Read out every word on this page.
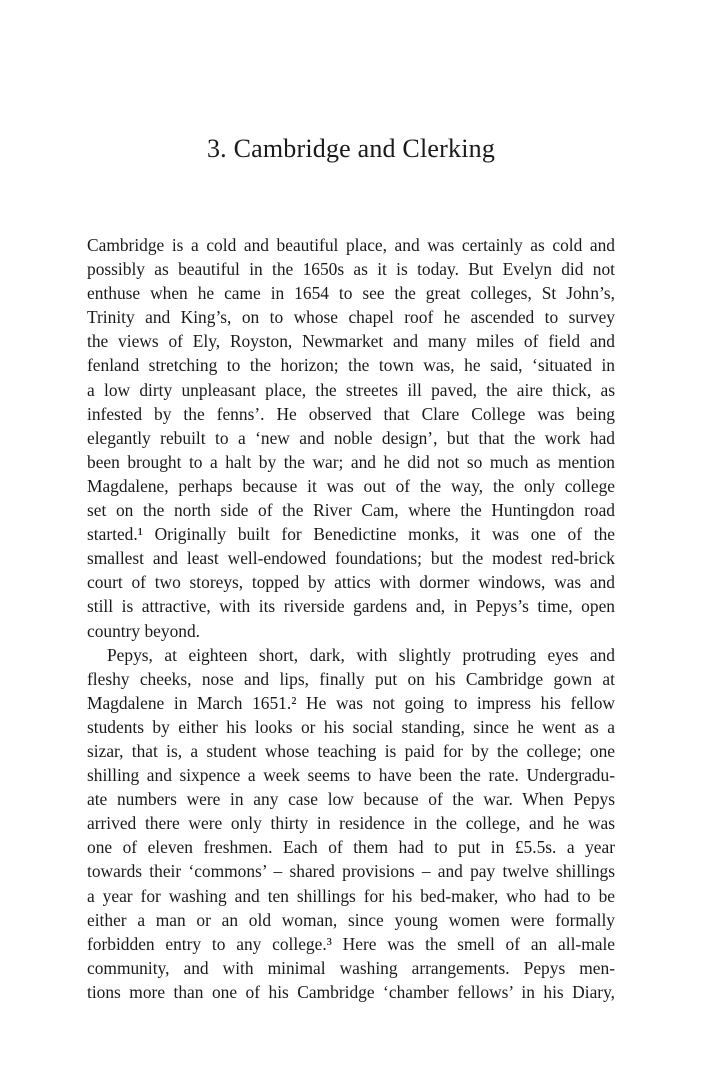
3. Cambridge and Clerking
Cambridge is a cold and beautiful place, and was certainly as cold and
possibly as beautiful in the 1650s as it is today. But Evelyn did not
enthuse when he came in 1654 to see the great colleges, St John’s,
Trinity and King’s, on to whose chapel roof he ascended to survey
the views of Ely, Royston, Newmarket and many miles of field and
fenland stretching to the horizon; the town was, he said, ‘situated in
a low dirty unpleasant place, the streetes ill paved, the aire thick, as
infested by the fenns’. He observed that Clare College was being
elegantly rebuilt to a ‘new and noble design’, but that the work had
been brought to a halt by the war; and he did not so much as mention
Magdalene, perhaps because it was out of the way, the only college
set on the north side of the River Cam, where the Huntingdon road
started.¹ Originally built for Benedictine monks, it was one of the
smallest and least well-endowed foundations; but the modest red-brick
court of two storeys, topped by attics with dormer windows, was and
still is attractive, with its riverside gardens and, in Pepys’s time, open
country beyond.
Pepys, at eighteen short, dark, with slightly protruding eyes and
fleshy cheeks, nose and lips, finally put on his Cambridge gown at
Magdalene in March 1651.² He was not going to impress his fellow
students by either his looks or his social standing, since he went as a
sizar, that is, a student whose teaching is paid for by the college; one
shilling and sixpence a week seems to have been the rate. Undergradu-
ate numbers were in any case low because of the war. When Pepys
arrived there were only thirty in residence in the college, and he was
one of eleven freshmen. Each of them had to put in £5.5s. a year
towards their ‘commons’ – shared provisions – and pay twelve shillings
a year for washing and ten shillings for his bed-maker, who had to be
either a man or an old woman, since young women were formally
forbidden entry to any college.³ Here was the smell of an all-male
community, and with minimal washing arrangements. Pepys men-
tions more than one of his Cambridge ‘chamber fellows’ in his Diary,
